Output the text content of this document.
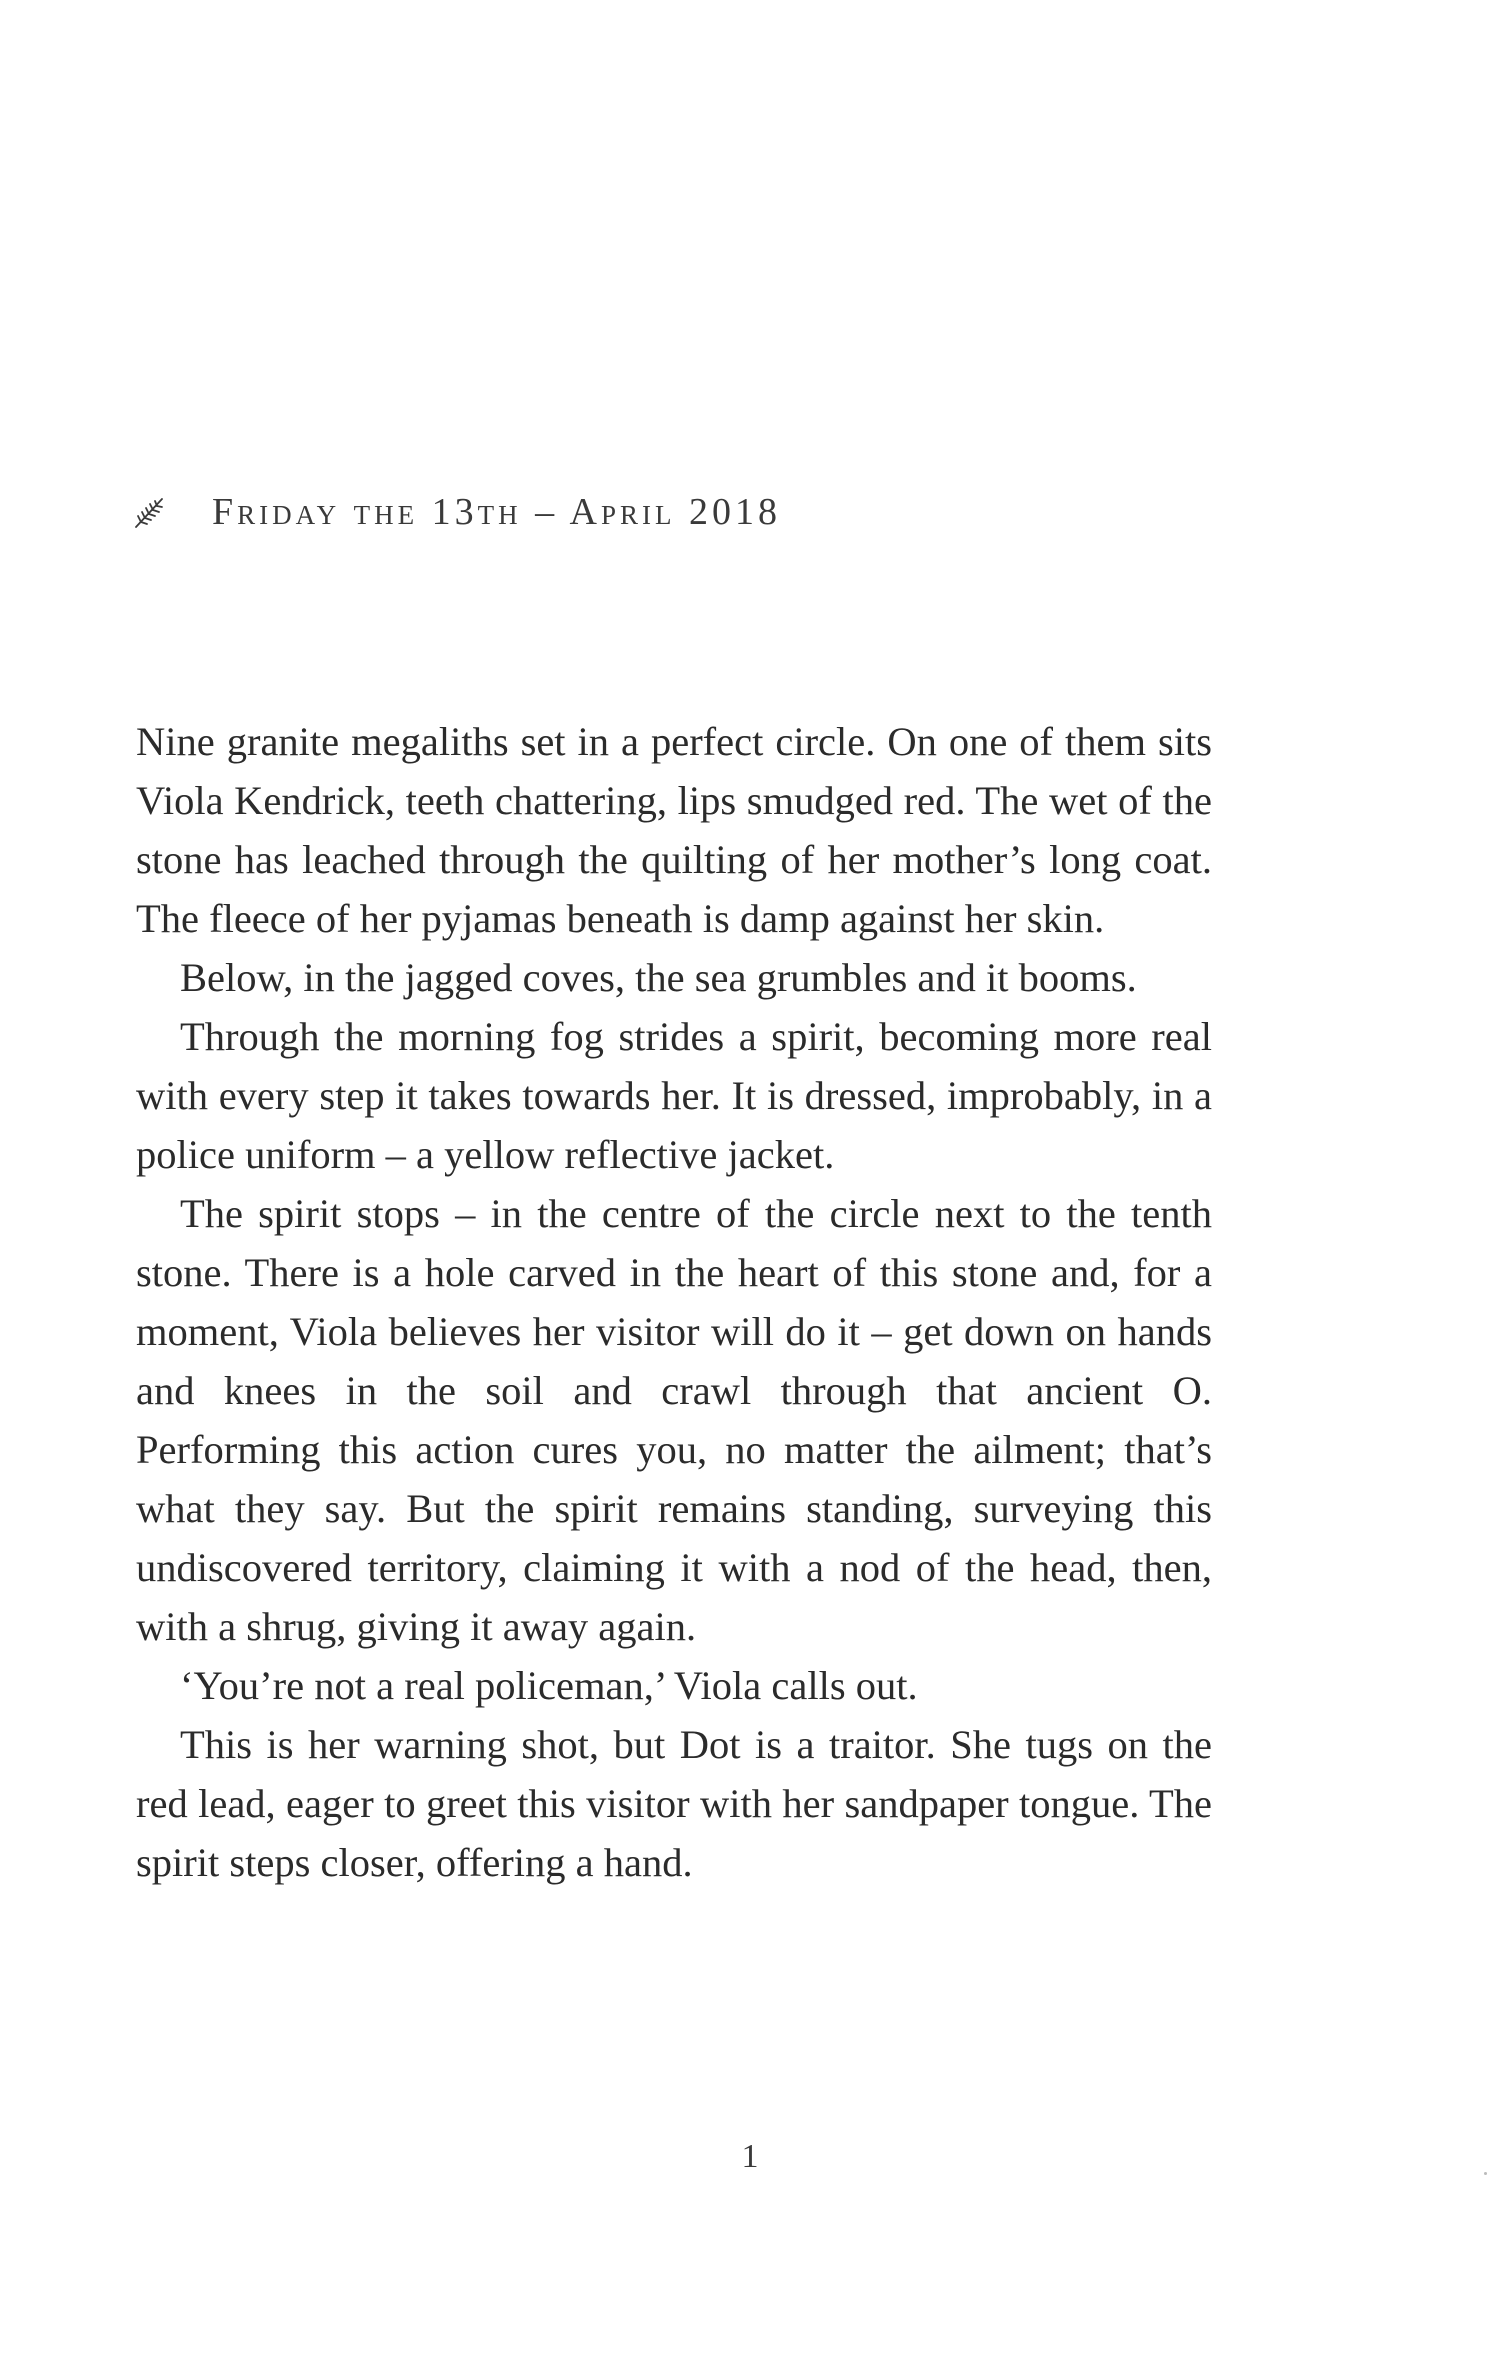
Friday the 13th – April 2018

Nine granite megaliths set in a perfect circle. On one of them sits Viola Kendrick, teeth chattering, lips smudged red. The wet of the stone has leached through the quilting of her mother’s long coat. The fleece of her pyjamas beneath is damp against her skin.

Below, in the jagged coves, the sea grumbles and it booms.

Through the morning fog strides a spirit, becoming more real with every step it takes towards her. It is dressed, improbably, in a police uniform – a yellow reflective jacket.

The spirit stops – in the centre of the circle next to the tenth stone. There is a hole carved in the heart of this stone and, for a moment, Viola believes her visitor will do it – get down on hands and knees in the soil and crawl through that ancient O. Performing this action cures you, no matter the ailment; that’s what they say. But the spirit remains standing, surveying this undiscovered territory, claiming it with a nod of the head, then, with a shrug, giving it away again.

‘You’re not a real policeman,’ Viola calls out.

This is her warning shot, but Dot is a traitor. She tugs on the red lead, eager to greet this visitor with her sandpaper tongue. The spirit steps closer, offering a hand.

1
